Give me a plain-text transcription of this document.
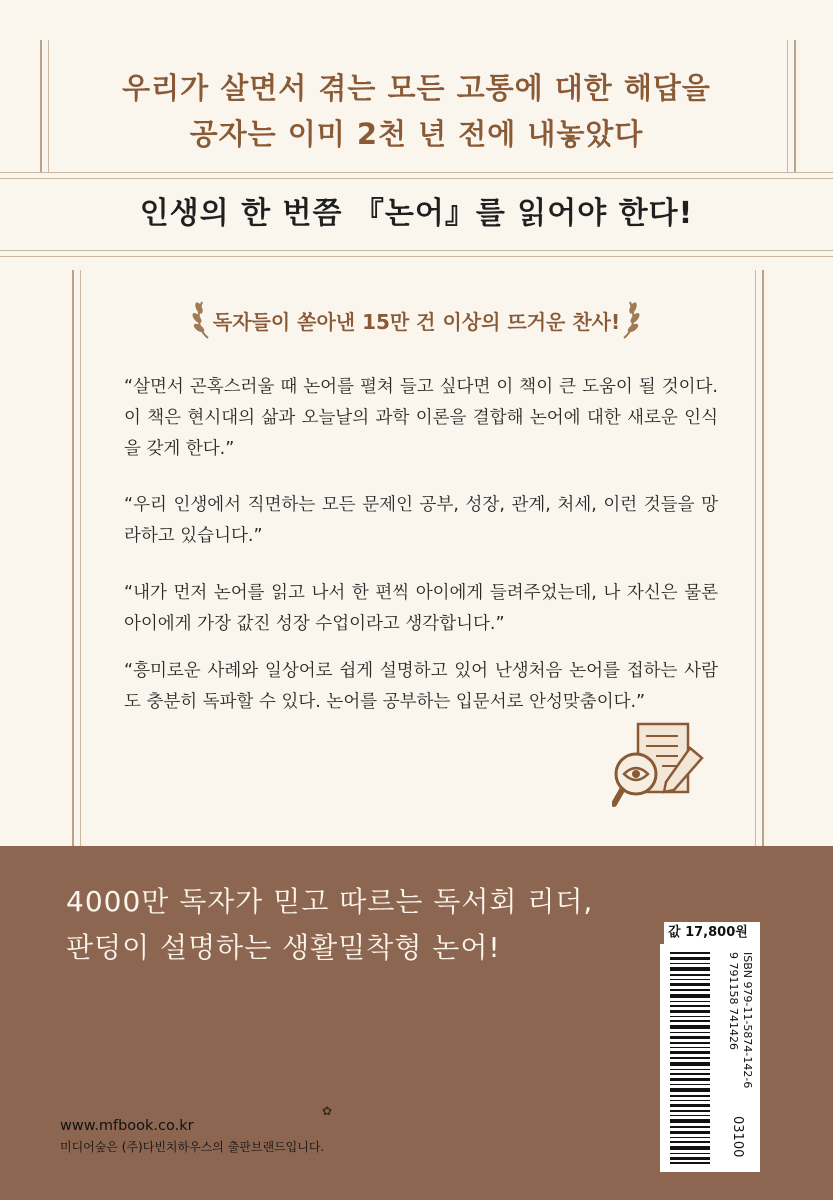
우리가 살면서 겪는 모든 고통에 대한 해답을
공자는 이미 2천 년 전에 내놓았다
인생의 한 번쯤 『논어』를 읽어야 한다!
독자들이 쏟아낸 15만 건 이상의 뜨거운 찬사!
“살면서 곤혹스러울 때 논어를 펼쳐 들고 싶다면 이 책이 큰 도움이 될 것이다. 이 책은 현시대의 삶과 오늘날의 과학 이론을 결합해 논어에 대한 새로운 인식을 갖게 한다.”
“우리 인생에서 직면하는 모든 문제인 공부, 성장, 관계, 처세, 이런 것들을 망라하고 있습니다.”
“내가 먼저 논어를 읽고 나서 한 편씩 아이에게 들려주었는데, 나 자신은 물론 아이에게 가장 값진 성장 수업이라고 생각합니다.”
“흥미로운 사례와 일상어로 쉽게 설명하고 있어 난생처음 논어를 접하는 사람도 충분히 독파할 수 있다. 논어를 공부하는 입문서로 안성맞춤이다.”
4000만 독자가 믿고 따르는 독서회 리더,
판덩이 설명하는 생활밀착형 논어!	값 17,800원
ISBN 979-11-5874-142-6
9 791158 741426
03100
✿
www.mfbook.co.kr
미디어숲은 (주)다빈치하우스의 출판브랜드입니다.
